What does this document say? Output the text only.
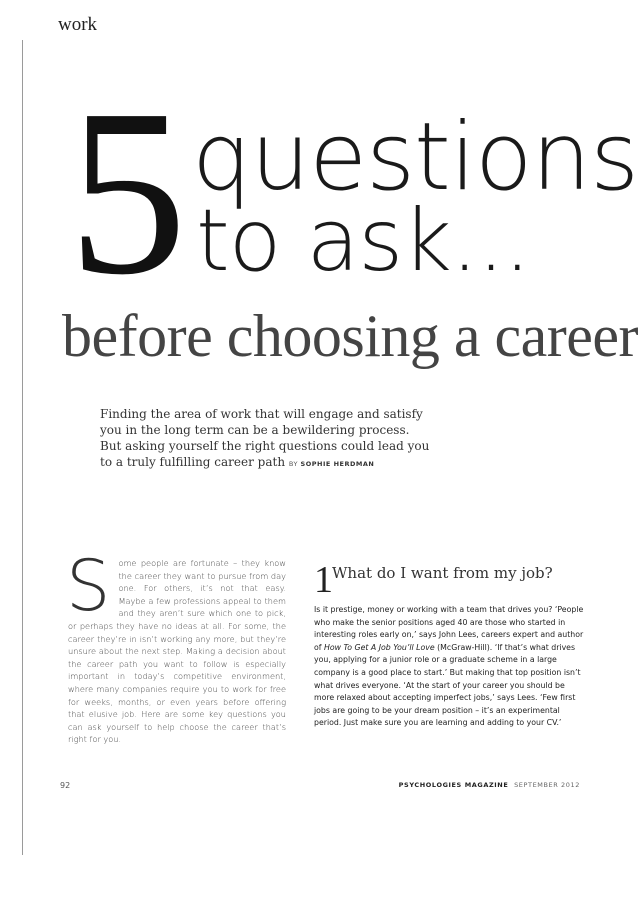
work
5 questions
to ask...
before choosing a career
Finding the area of work that will engage and satisfy you in the long term can be a bewildering process. But asking yourself the right questions could lead you to a truly fulfilling career path BY SOPHIE HERDMAN
S ome people are fortunate – they know the career they want to pursue from day one. For others, it’s not that easy. Maybe a few professions appeal to them and they aren’t sure which one to pick, or perhaps they have no ideas at all. For some, the career they’re in isn’t working any more, but they’re unsure about the next step. Making a decision about the career path you want to follow is especially important in today’s competitive environment, where many companies require you to work for free for weeks, months, or even years before offering that elusive job. Here are some key questions you can ask yourself to help choose the career that’s right for you.
1 What do I want from my job?
Is it prestige, money or working with a team that drives you? ‘People who make the senior positions aged 40 are those who started in interesting roles early on,’ says John Lees, careers expert and author of How To Get A Job You’ll Love (McGraw-Hill). ‘If that’s what drives you, applying for a junior role or a graduate scheme in a large company is a good place to start.’ But making that top position isn’t what drives everyone. ‘At the start of your career you should be more relaxed about accepting imperfect jobs,’ says Lees. ‘Few first jobs are going to be your dream position – it’s an experimental period. Just make sure you are learning and adding to your CV.’
92	PSYCHOLOGIES MAGAZINE SEPTEMBER 2012
